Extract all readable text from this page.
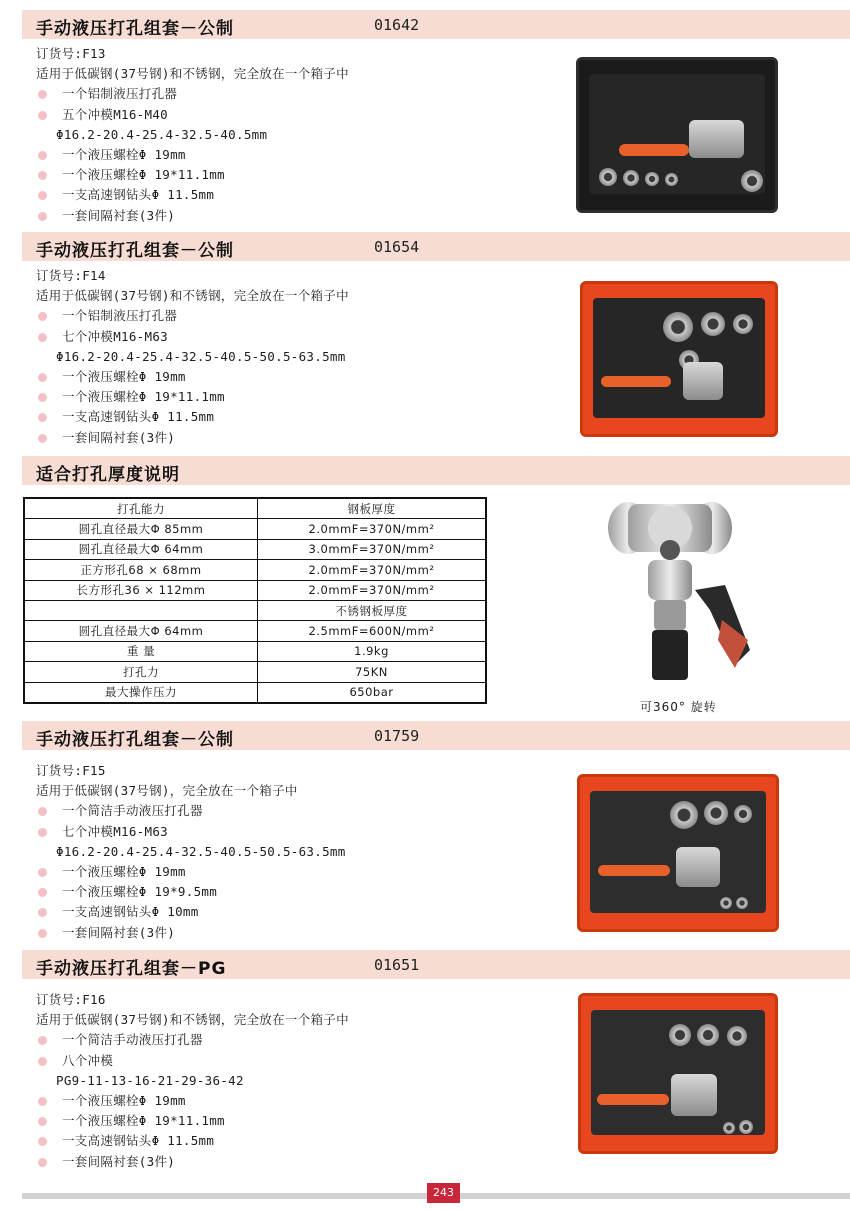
手动液压打孔组套－公制	01642
订货号:F13
适用于低碳钢(37号钢)和不锈钢，完全放在一个箱子中
一个铝制液压打孔器
五个冲模M16-M40
Φ16.2-20.4-25.4-32.5-40.5mm
一个液压螺栓Φ 19mm
一个液压螺栓Φ 19*11.1mm
一支高速钢钻头Φ 11.5mm
一套间隔衬套(3件)
手动液压打孔组套－公制	01654
订货号:F14
适用于低碳钢(37号钢)和不锈钢，完全放在一个箱子中
一个铝制液压打孔器
七个冲模M16-M63
Φ16.2-20.4-25.4-32.5-40.5-50.5-63.5mm
一个液压螺栓Φ 19mm
一个液压螺栓Φ 19*11.1mm
一支高速钢钻头Φ 11.5mm
一套间隔衬套(3件)
适合打孔厚度说明
打孔能力	钢板厚度
圆孔直径最大Φ 85mm	2.0mmF=370N/mm²
圆孔直径最大Φ 64mm	3.0mmF=370N/mm²
正方形孔68 × 68mm	2.0mmF=370N/mm²
长方形孔36 × 112mm	2.0mmF=370N/mm²
	不锈钢板厚度
圆孔直径最大Φ 64mm	2.5mmF=600N/mm²
重 量	1.9kg
打孔力	75KN
最大操作压力	650bar
可360° 旋转
手动液压打孔组套－公制	01759
订货号:F15
适用于低碳钢(37号钢)，完全放在一个箱子中
一个简洁手动液压打孔器
七个冲模M16-M63
Φ16.2-20.4-25.4-32.5-40.5-50.5-63.5mm
一个液压螺栓Φ 19mm
一个液压螺栓Φ 19*9.5mm
一支高速钢钻头Φ 10mm
一套间隔衬套(3件)
手动液压打孔组套－PG	01651
订货号:F16
适用于低碳钢(37号钢)和不锈钢，完全放在一个箱子中
一个简洁手动液压打孔器
八个冲模
PG9-11-13-16-21-29-36-42
一个液压螺栓Φ 19mm
一个液压螺栓Φ 19*11.1mm
一支高速钢钻头Φ 11.5mm
一套间隔衬套(3件)
243
